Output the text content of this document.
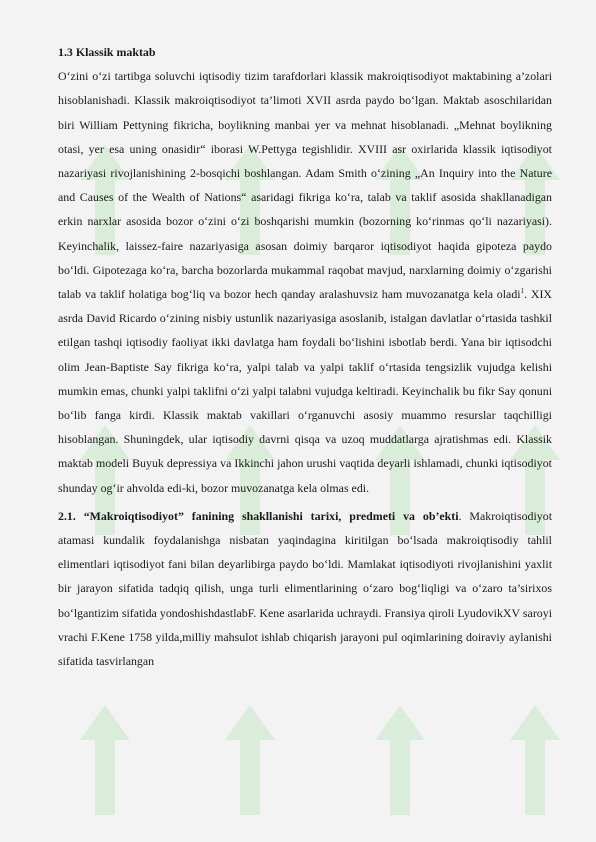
1.3 Klassik maktab

O‘zini o‘zi tartibga soluvchi iqtisodiy tizim tarafdorlari klassik makroiqtisodiyot maktabining a’zolari hisoblanishadi. Klassik makroiqtisodiyot ta’limoti XVII asrda paydo bo‘lgan. Maktab asoschilaridan biri William Pettyning fikricha, boylikning manbai yer va mehnat hisoblanadi. „Mehnat boylikning otasi, yer esa uning onasidir“ iborasi W.Pettyga tegishlidir. XVIII asr oxirlarida klassik iqtisodiyot nazariyasi rivojlanishining 2-bosqichi boshlangan. Adam Smith o‘zining „An Inquiry into the Nature and Causes of the Wealth of Nations“ asaridagi fikriga ko‘ra, talab va taklif asosida shakllanadigan erkin narxlar asosida bozor o‘zini o‘zi boshqarishi mumkin (bozorning ko‘rinmas qo‘li nazariyasi). Keyinchalik, laissez-faire nazariyasiga asosan doimiy barqaror iqtisodiyot haqida gipoteza paydo bo‘ldi. Gipotezaga ko‘ra, barcha bozorlarda mukammal raqobat mavjud, narxlarning doimiy o‘zgarishi talab va taklif holatiga bog‘liq va bozor hech qanday aralashuvsiz ham muvozanatga kela oladi$^1$. XIX asrda David Ricardo o‘zining nisbiy ustunlik nazariyasiga asoslanib, istalgan davlatlar o‘rtasida tashkil etilgan tashqi iqtisodiy faoliyat ikki davlatga ham foydali bo‘lishini isbotlab berdi. Yana bir iqtisodchi olim Jean-Baptiste Say fikriga ko‘ra, yalpi talab va yalpi taklif o‘rtasida tengsizlik vujudga kelishi mumkin emas, chunki yalpi taklifni o‘zi yalpi talabni vujudga keltiradi. Keyinchalik bu fikr Say qonuni bo‘lib fanga kirdi. Klassik maktab vakillari o‘rganuvchi asosiy muammo resurslar taqchilligi hisoblangan. Shuningdek, ular iqtisodiy davrni qisqa va uzoq muddatlarga ajratishmas edi. Klassik maktab modeli Buyuk depressiya va Ikkinchi jahon urushi vaqtida deyarli ishlamadi, chunki iqtisodiyot shunday og‘ir ahvolda edi-ki, bozor muvozanatga kela olmas edi.

2.1. “Makroiqtisodiyot” fanining shakllanishi tarixi, predmeti va ob’ekti. Makroiqtisodiyot atamasi kundalik foydalanishga nisbatan yaqindagina kiritilgan bo‘lsada makroiqtisodiy tahlil elimentlari iqtisodiyot fani bilan deyarlibirga paydo bo‘ldi. Mamlakat iqtisodiyoti rivojlanishini yaxlit bir jarayon sifatida tadqiq qilish, unga turli elimentlarining o‘zaro bog‘liqligi va o‘zaro ta’sirixos bo‘lgantizim sifatida yondoshishdastlabF. Kene asarlarida uchraydi. Fransiya qiroli LyudovikXV saroyi vrachi F.Kene 1758 yilda,milliy mahsulot ishlab chiqarish jarayoni pul oqimlarining doiraviy aylanishi sifatida tasvirlangan
